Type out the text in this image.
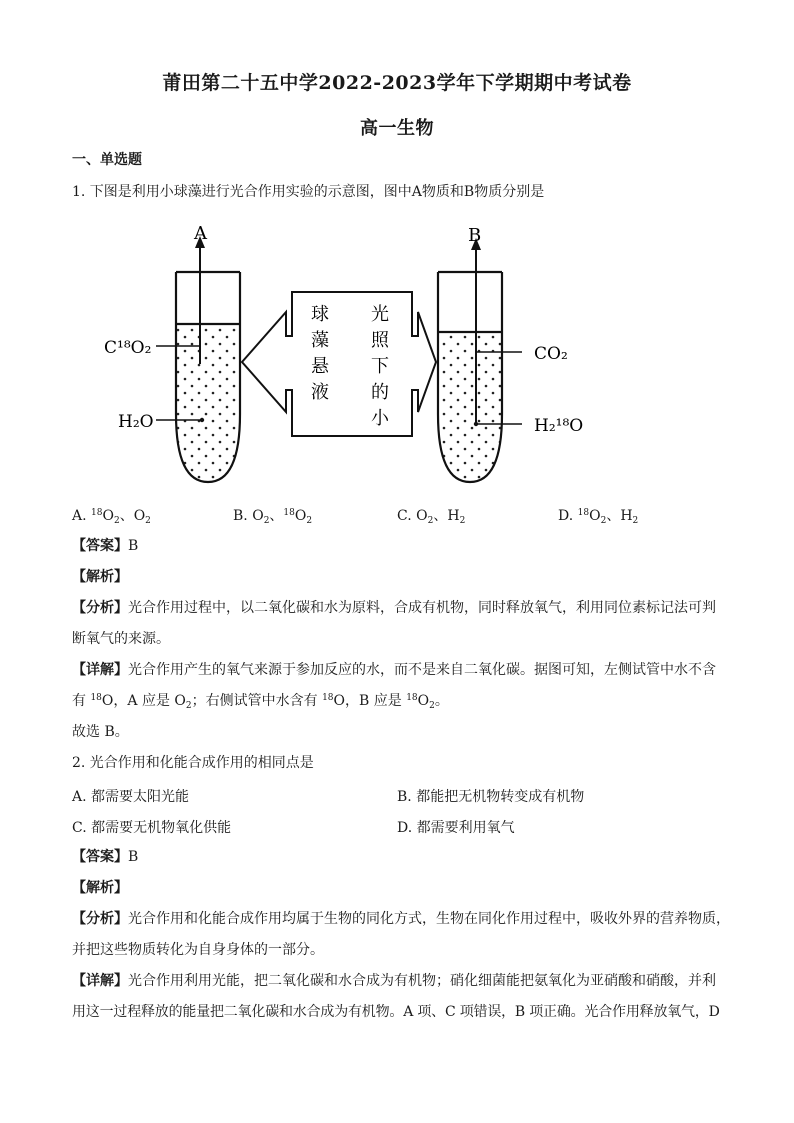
莆田第二十五中学2022-2023学年下学期期中考试卷
高一生物
一、单选题
1. 下图是利用小球藻进行光合作用实验的示意图，图中A物质和B物质分别是
A
C¹⁸O₂
H₂O
B
CO₂
H₂¹⁸O
球
藻
悬
液
光
照
下
的
小
A. $^{18}O_2$、$O_2$	B. $O_2$、$^{18}O_2$	C. $O_2$、$H_2$	D. $^{18}O_2$、$H_2$
【答案】B
【解析】
【分析】光合作用过程中，以二氧化碳和水为原料，合成有机物，同时释放氧气，利用同位素标记法可判
断氧气的来源。
【详解】光合作用产生的氧气来源于参加反应的水，而不是来自二氧化碳。据图可知，左侧试管中水不含
有 $^{18}$O，A 应是 $O_2$；右侧试管中水含有 $^{18}$O，B 应是 $^{18}O_2$。
故选 B。
2. 光合作用和化能合成作用的相同点是
A. 都需要太阳光能	B. 都能把无机物转变成有机物
C. 都需要无机物氧化供能	D. 都需要利用氧气
【答案】B
【解析】
【分析】光合作用和化能合成作用均属于生物的同化方式，生物在同化作用过程中，吸收外界的营养物质，
并把这些物质转化为自身身体的一部分。
【详解】光合作用利用光能，把二氧化碳和水合成为有机物；硝化细菌能把氨氧化为亚硝酸和硝酸，并利
用这一过程释放的能量把二氧化碳和水合成为有机物。A 项、C 项错误，B 项正确。光合作用释放氧气，D
